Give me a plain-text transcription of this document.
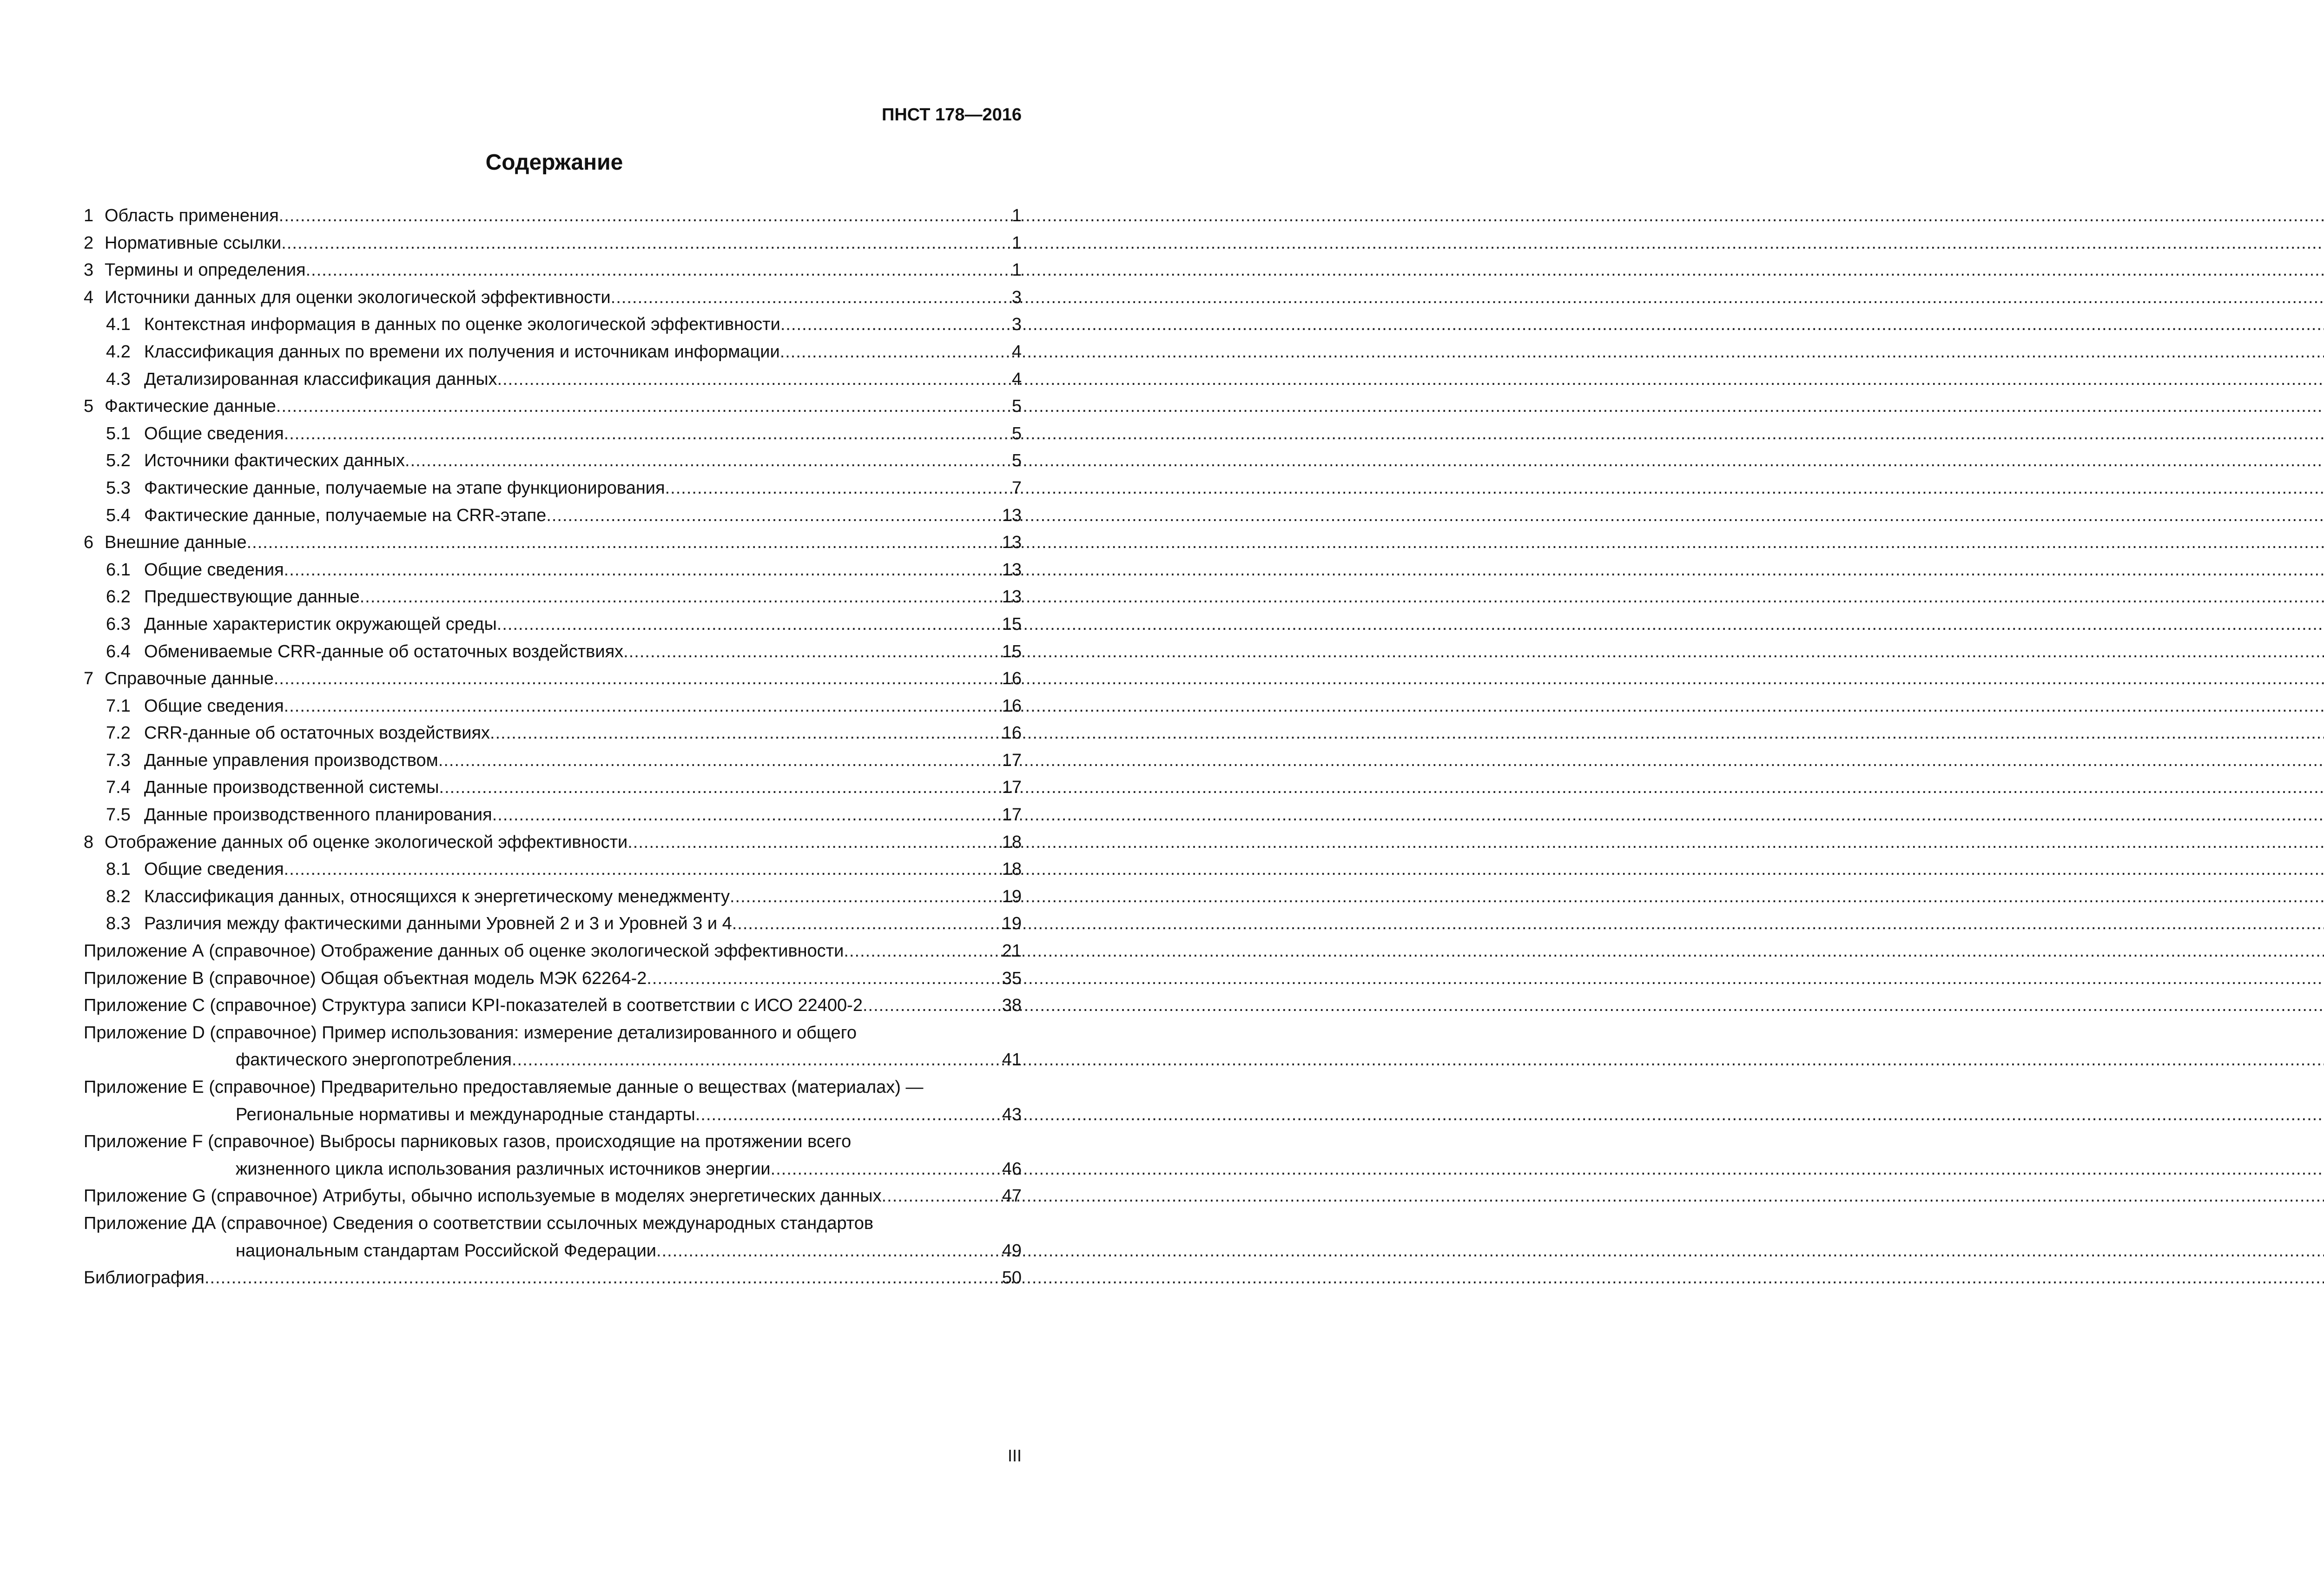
ПНСТ 178—2016
Содержание
1 Область применения .....	1
2 Нормативные ссылки .....	1
3 Термины и определения .....	1
4 Источники данных для оценки экологической эффективности .....	3
4.1 Контекстная информация в данных по оценке экологической эффективности .....	3
4.2 Классификация данных по времени их получения и источникам информации .....	4
4.3 Детализированная классификация данных .....	4
5 Фактические данные .....	5
5.1 Общие сведения .....	5
5.2 Источники фактических данных .....	5
5.3 Фактические данные, получаемые на этапе функционирования .....	7
5.4 Фактические данные, получаемые на CRR-этапе .....	13
6 Внешние данные .....	13
6.1 Общие сведения .....	13
6.2 Предшествующие данные .....	13
6.3 Данные характеристик окружающей среды .....	15
6.4 Обмениваемые CRR-данные об остаточных воздействиях .....	15
7 Справочные данные .....	16
7.1 Общие сведения .....	16
7.2 CRR-данные об остаточных воздействиях .....	16
7.3 Данные управления производством .....	17
7.4 Данные производственной системы .....	17
7.5 Данные производственного планирования .....	17
8 Отображение данных об оценке экологической эффективности .....	18
8.1 Общие сведения .....	18
8.2 Классификация данных, относящихся к энергетическому менеджменту .....	19
8.3 Различия между фактическими данными Уровней 2 и 3 и Уровней 3 и 4 .....	19
Приложение А (справочное) Отображение данных об оценке экологической эффективности .....	21
Приложение В (справочное) Общая объектная модель МЭК 62264-2 .....	35
Приложение С (справочное) Структура записи KPI-показателей в соответствии с ИСО 22400-2 .....	38
Приложение D (справочное) Пример использования: измерение детализированного и общего
фактического энергопотребления .....	41
Приложение Е (справочное) Предварительно предоставляемые данные о веществах (материалах) —
Региональные нормативы и международные стандарты .....	43
Приложение F (справочное) Выбросы парниковых газов, происходящие на протяжении всего
жизненного цикла использования различных источников энергии .....	46
Приложение G (справочное) Атрибуты, обычно используемые в моделях энергетических данных .....	47
Приложение ДА (справочное) Сведения о соответствии ссылочных международных стандартов
национальным стандартам Российской Федерации .....	49
Библиография .....	50
III
